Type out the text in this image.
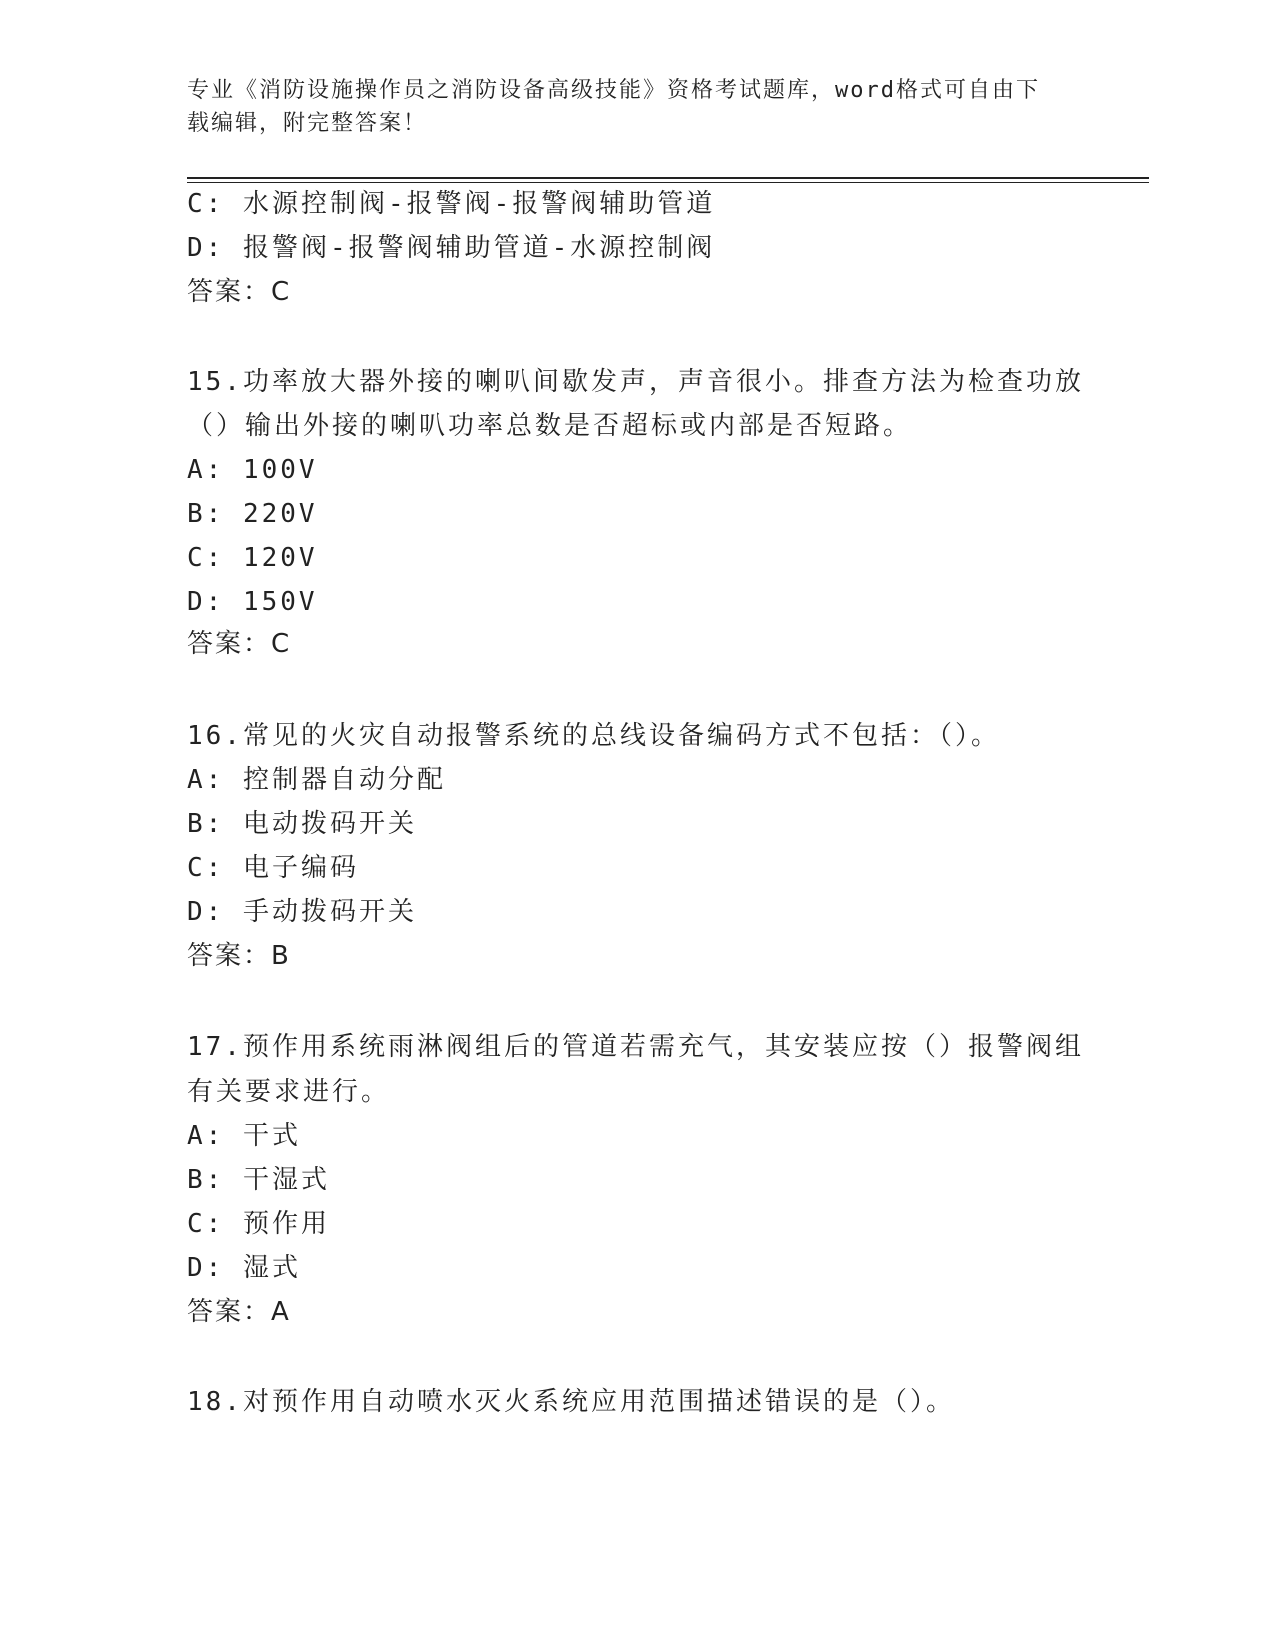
专业《消防设施操作员之消防设备高级技能》资格考试题库，word格式可自由下
载编辑，附完整答案！
C: 水源控制阀-报警阀-报警阀辅助管道
D: 报警阀-报警阀辅助管道-水源控制阀
答案：C
15.功率放大器外接的喇叭间歇发声，声音很小。排查方法为检查功放
（）输出外接的喇叭功率总数是否超标或内部是否短路。
A: 100V
B: 220V
C: 120V
D: 150V
答案：C
16.常见的火灾自动报警系统的总线设备编码方式不包括：（）。
A: 控制器自动分配
B: 电动拨码开关
C: 电子编码
D: 手动拨码开关
答案：B
17.预作用系统雨淋阀组后的管道若需充气，其安装应按（）报警阀组
有关要求进行。
A: 干式
B: 干湿式
C: 预作用
D: 湿式
答案：A
18.对预作用自动喷水灭火系统应用范围描述错误的是（）。
